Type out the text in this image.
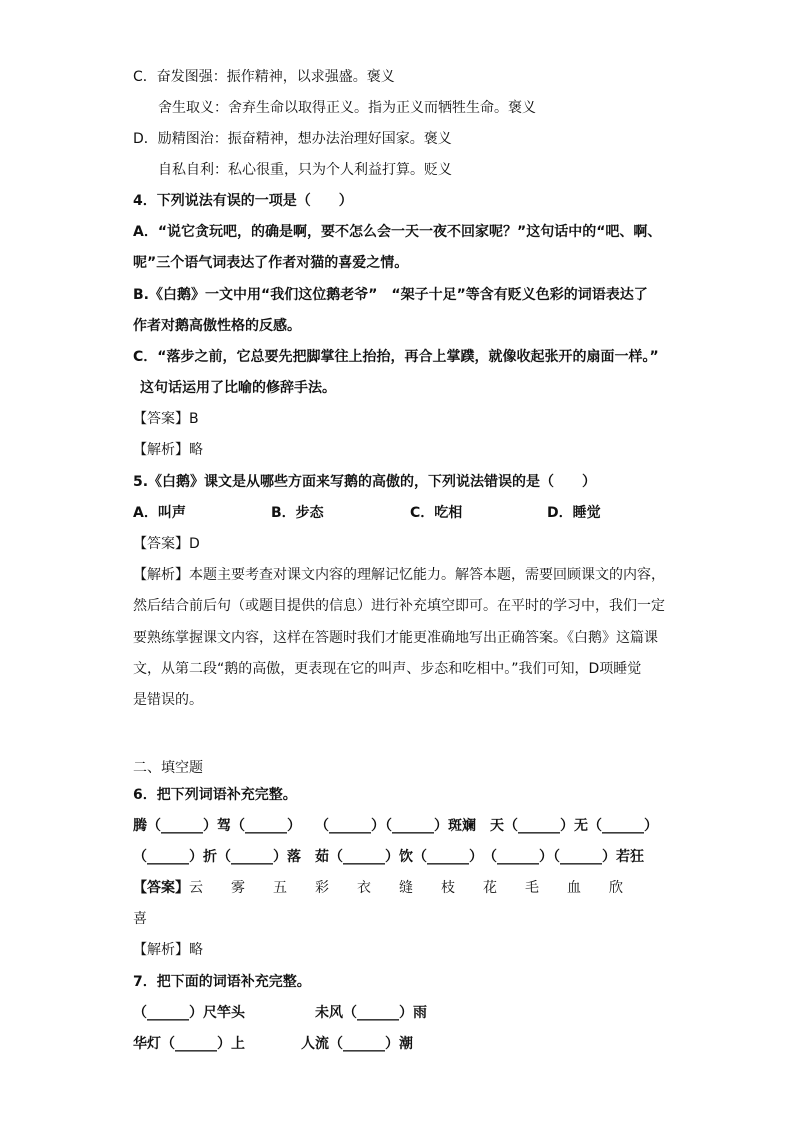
C．奋发图强：振作精神，以求强盛。褒义
舍生取义：舍弃生命以取得正义。指为正义而牺牲生命。褒义
D．励精图治：振奋精神，想办法治理好国家。褒义
自私自利：私心很重，只为个人利益打算。贬义
4．下列说法有误的一项是（　　）
A．“说它贪玩吧，的确是啊，要不怎么会一天一夜不回家呢？”这句话中的“吧、啊、
呢”三个语气词表达了作者对猫的喜爱之情。
B.《白鹅》一文中用“我们这位鹅老爷”　“架子十足”等含有贬义色彩的词语表达了
作者对鹅高傲性格的反感。
C．“落步之前，它总要先把脚掌往上抬抬，再合上掌蹼，就像收起张开的扇面一样。”
这句话运用了比喻的修辞手法。
【答案】B
【解析】略
5.《白鹅》课文是从哪些方面来写鹅的高傲的，下列说法错误的是（　　）
A．叫声	B．步态	C．吃相	D．睡觉
【答案】D
【解析】本题主要考查对课文内容的理解记忆能力。解答本题，需要回顾课文的内容，
然后结合前后句（或题目提供的信息）进行补充填空即可。在平时的学习中，我们一定
要熟练掌握课文内容，这样在答题时我们才能更准确地写出正确答案。《白鹅》这篇课
文，从第二段“鹅的高傲，更表现在它的叫声、步态和吃相中。”我们可知，D项睡觉
是错误的。
二、填空题
6．把下列词语补充完整。
腾（______）驾（______）　　（______）（______）斑斓　天（______）无（______）
（______）折（______）落　茹（______）饮（______）　（______）（______）若狂
【答案】 云　　雾　　五　　彩　　衣　　缝　　枝　　花　　毛　　血　　欣
喜
【解析】略
7．把下面的词语补充完整。
（______）尺竿头　　　　　未风（______）雨
华灯（______）上　　　　人流（______）潮
